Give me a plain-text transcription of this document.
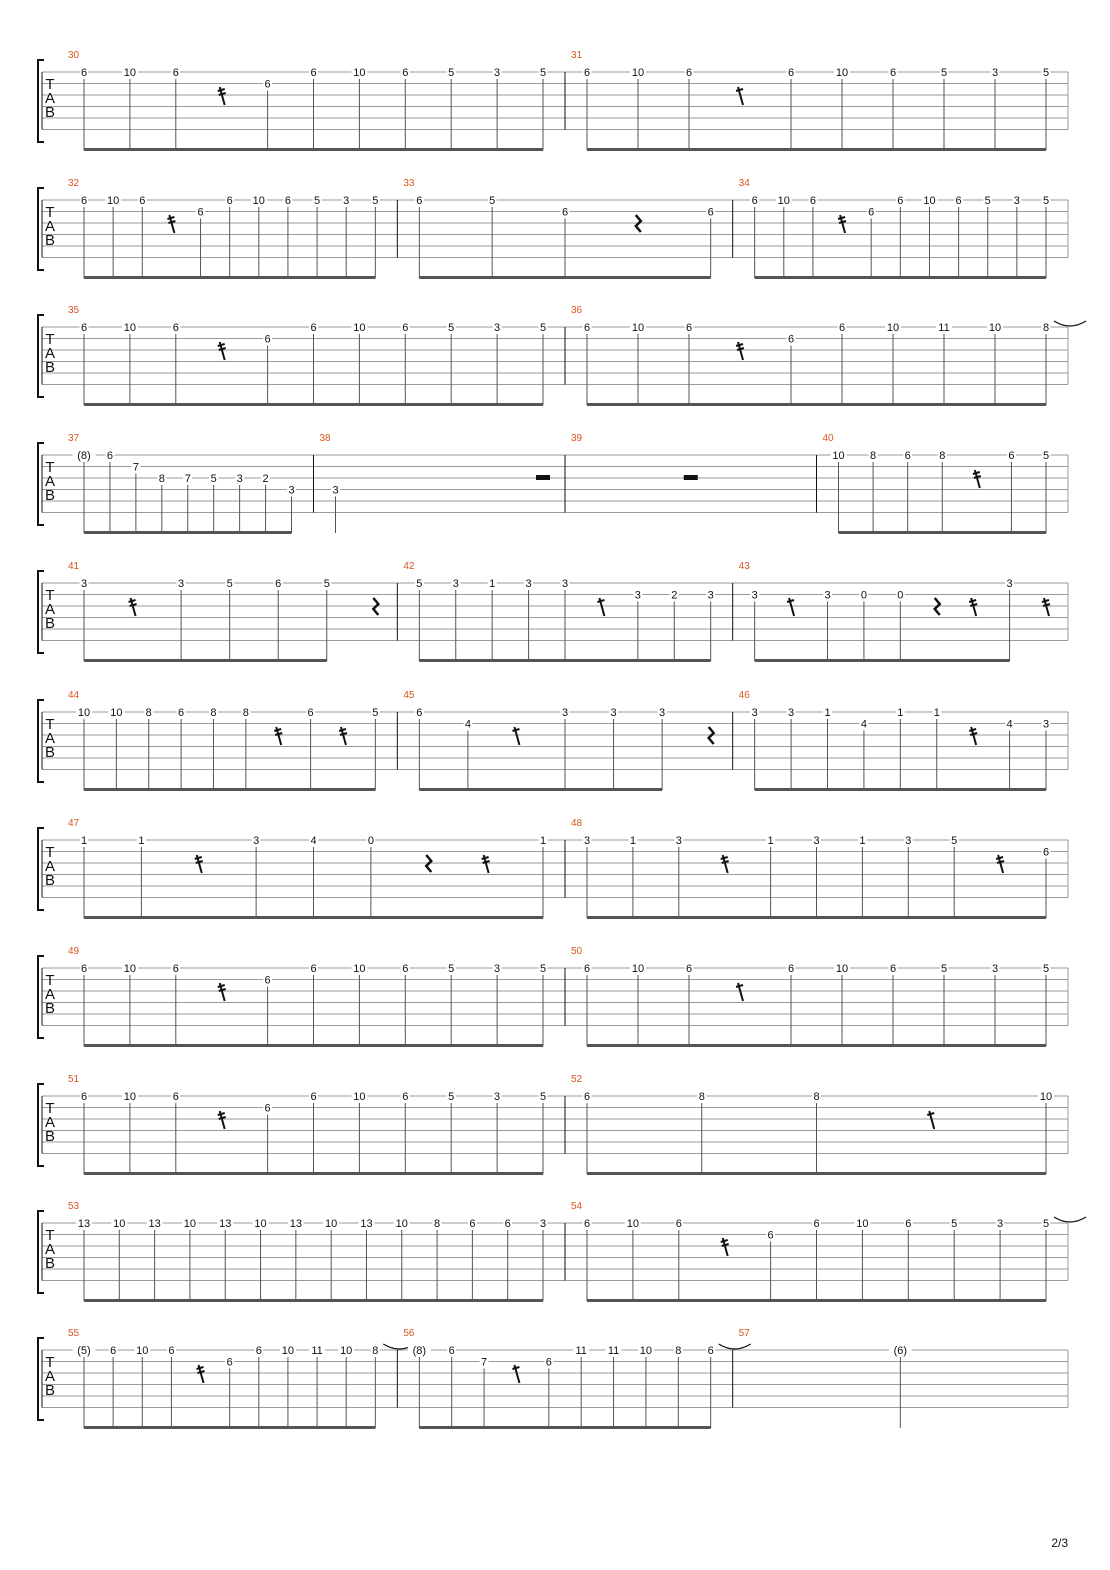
T
A
B
30
6	10	6
6
6	10	6	5	3	5
31
6	10	6	6	10	6	5	3	5
T
A
B
32
6 10 6
6
6 10 6 5 3 5
33
6	5
6	6
34
6 10 6
6
6 10 6 5 3 5
T
A
B
35
6	10	6
6
6	10	6	5	3	5
36
6	10	6
6
6	10	11	10	8
T
A
B
37
(8) 6
7
8 7 5 3 2
3
38
3
39	40
10 8	6	8	6	5
T
A
B
41
3	3	5	6	5
42
5	3	1	3	3
3	2	3
43
3	3	0	0
3
T
A
B
44
10 10 8 6 8 8	6	5
45
6
4
3	3	3
46
3	3	1
4
1	1
4	3
T
A
B
47
1	1	3	4	0	1
48
3	1	3	1	3	1	3	5
6
T
A
B
49
6	10	6
6
6	10	6	5	3	5
50
6	10	6	6	10	6	5	3	5
T
A
B
51
6	10	6
6
6	10	6	5	3	5
52
6	8	8	10
T
A
B
53
13 10 13 10 13 10 13 10 13 10 8	6	6	3
54
6	10	6
6
6	10	6	5	3	5
T
A
B
55
(5) 6 10 6
6
6 10 11 10 8
56
(8) 6
7	6
11 11 10 8 6
57
(6)
2/3
